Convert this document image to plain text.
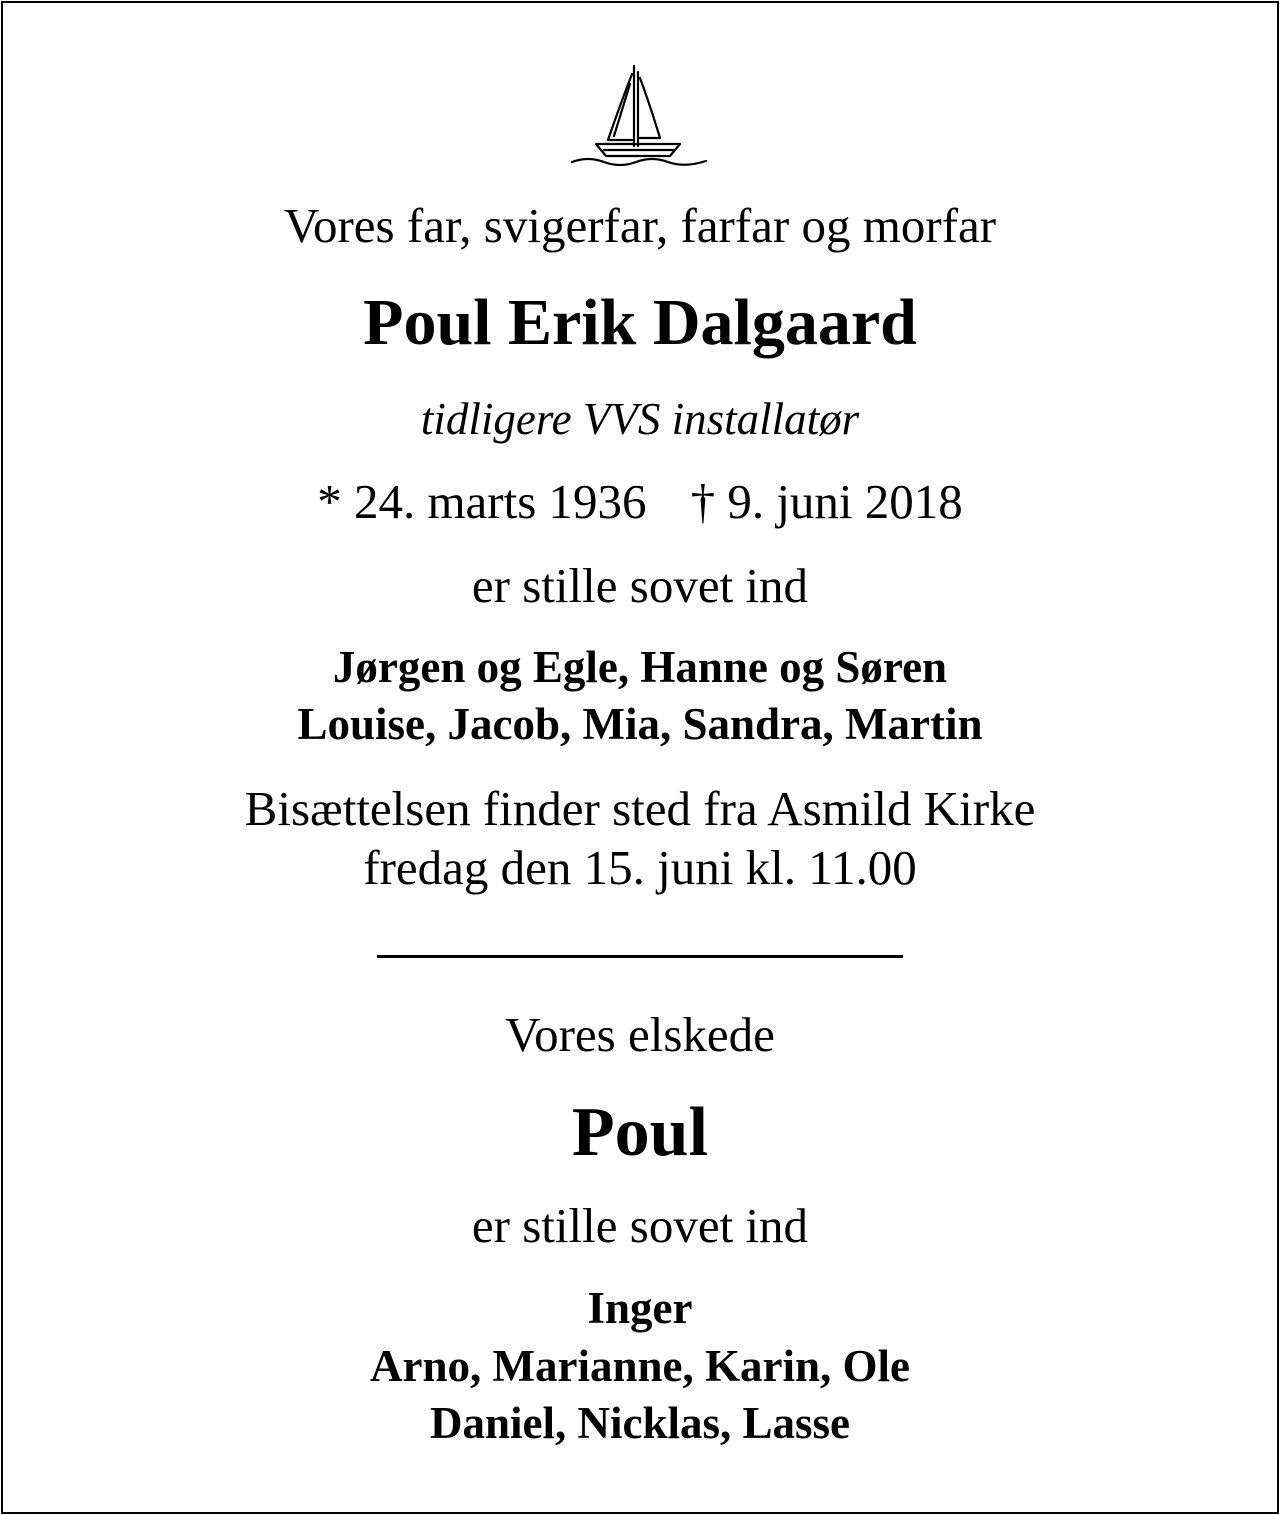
Vores far, svigerfar, farfar og morfar
Poul Erik Dalgaard
tidligere VVS installatør
* 24. marts 1936 † 9. juni 2018
er stille sovet ind
Jørgen og Egle, Hanne og Søren
Louise, Jacob, Mia, Sandra, Martin
Bisættelsen finder sted fra Asmild Kirke
fredag den 15. juni kl. 11.00
Vores elskede
Poul
er stille sovet ind
Inger
Arno, Marianne, Karin, Ole
Daniel, Nicklas, Lasse
